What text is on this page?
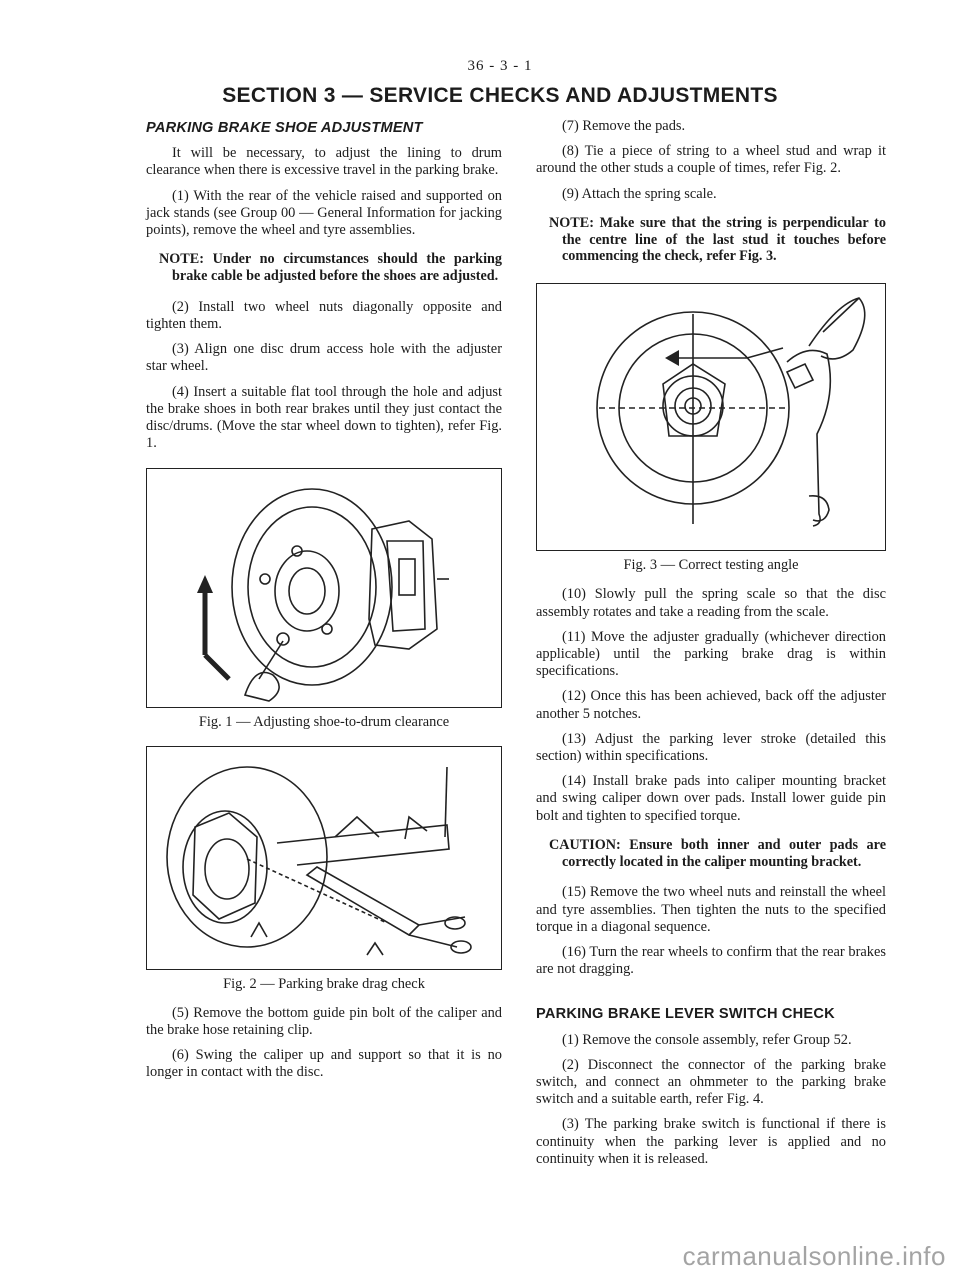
36 - 3 - 1
SECTION 3 — SERVICE CHECKS AND ADJUSTMENTS
PARKING BRAKE SHOE ADJUSTMENT

It will be necessary, to adjust the lining to drum clearance when there is excessive travel in the parking brake.

(1) With the rear of the vehicle raised and supported on jack stands (see Group 00 — General Information for jacking points), remove the wheel and tyre assemblies.

NOTE: Under no circumstances should the parking brake cable be adjusted before the shoes are adjusted.

(2) Install two wheel nuts diagonally opposite and tighten them.

(3) Align one disc drum access hole with the adjuster star wheel.

(4) Insert a suitable flat tool through the hole and adjust the brake shoes in both rear brakes until they just contact the disc/drums. (Move the star wheel down to tighten), refer Fig. 1.

Fig. 1 — Adjusting shoe-to-drum clearance
Fig. 2 — Parking brake drag check

(5) Remove the bottom guide pin bolt of the caliper and the brake hose retaining clip.

(6) Swing the caliper up and support so that it is no longer in contact with the disc.

(7) Remove the pads.

(8) Tie a piece of string to a wheel stud and wrap it around the other studs a couple of times, refer Fig. 2.

(9) Attach the spring scale.

NOTE: Make sure that the string is perpendicular to the centre line of the last stud it touches before commencing the check, refer Fig. 3.
Fig. 3 — Correct testing angle

(10) Slowly pull the spring scale so that the disc assembly rotates and take a reading from the scale.

(11) Move the adjuster gradually (whichever direction applicable) until the parking brake drag is within specifications.

(12) Once this has been achieved, back off the adjuster another 5 notches.

(13) Adjust the parking lever stroke (detailed this section) within specifications.

(14) Install brake pads into caliper mounting bracket and swing caliper down over pads. Install lower guide pin bolt and tighten to specified torque.

CAUTION: Ensure both inner and outer pads are correctly located in the caliper mounting bracket.

(15) Remove the two wheel nuts and reinstall the wheel and tyre assemblies. Then tighten the nuts to the specified torque in a diagonal sequence.

(16) Turn the rear wheels to confirm that the rear brakes are not dragging.

PARKING BRAKE LEVER SWITCH CHECK

(1) Remove the console assembly, refer Group 52.

(2) Disconnect the connector of the parking brake switch, and connect an ohmmeter to the parking brake switch and a suitable earth, refer Fig. 4.

(3) The parking brake switch is functional if there is continuity when the parking lever is applied and no continuity when it is released.

carmanualsonline.info
